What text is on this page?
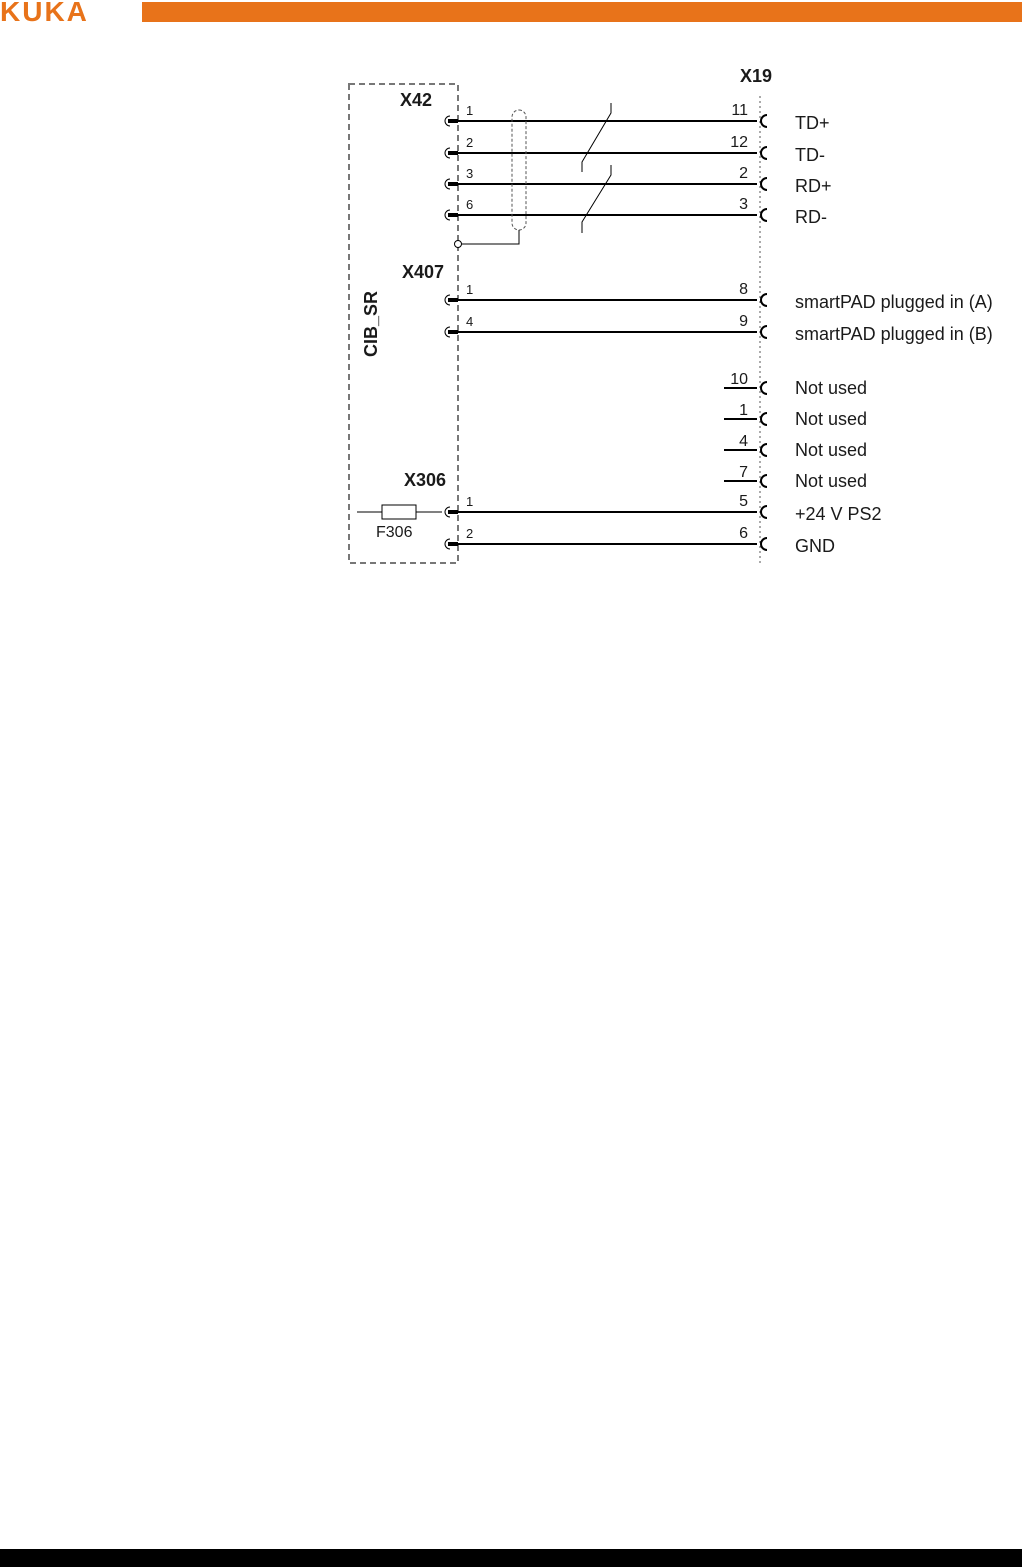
KUKA
CIB_SR
X19
X42
X407
X306
1	11
TD+
2	12
TD-
3	2
RD+
6	3
RD-
1	8
smartPAD plugged in (A)
4	9
smartPAD plugged in (B)
1	5
+24 V PS2
2	6
GND
10	Not used
1	Not used
4	Not used
7	Not used
F306
